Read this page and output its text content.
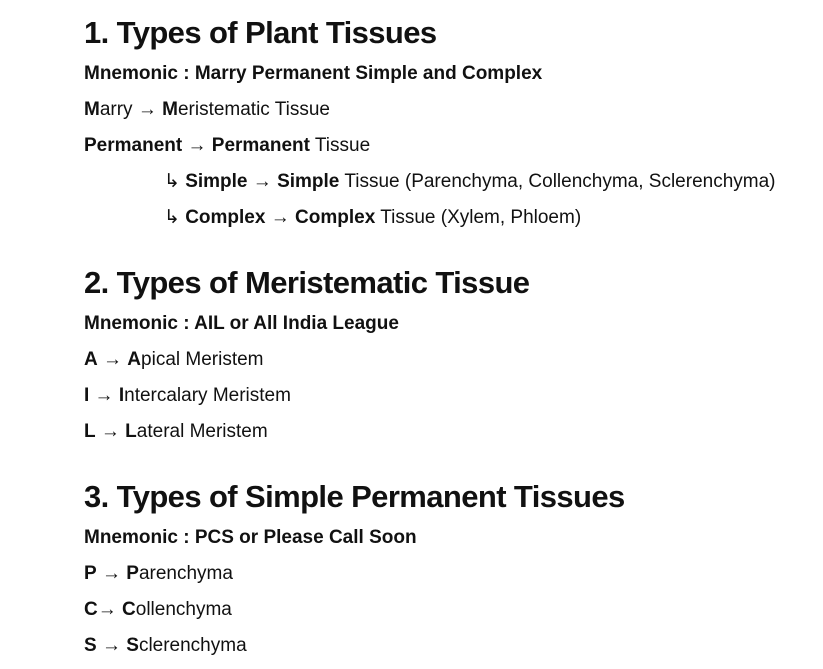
1. Types of Plant Tissues
Mnemonic : Marry Permanent Simple and Complex
Marry → Meristematic Tissue
Permanent → Permanent Tissue
↳ Simple → Simple Tissue (Parenchyma, Collenchyma, Sclerenchyma)
↳ Complex → Complex Tissue (Xylem, Phloem)
2. Types of Meristematic Tissue
Mnemonic : AIL or All India League
A → Apical Meristem
I → Intercalary Meristem
L → Lateral Meristem
3. Types of Simple Permanent Tissues
Mnemonic : PCS or Please Call Soon
P → Parenchyma
C→ Collenchyma
S → Sclerenchyma
